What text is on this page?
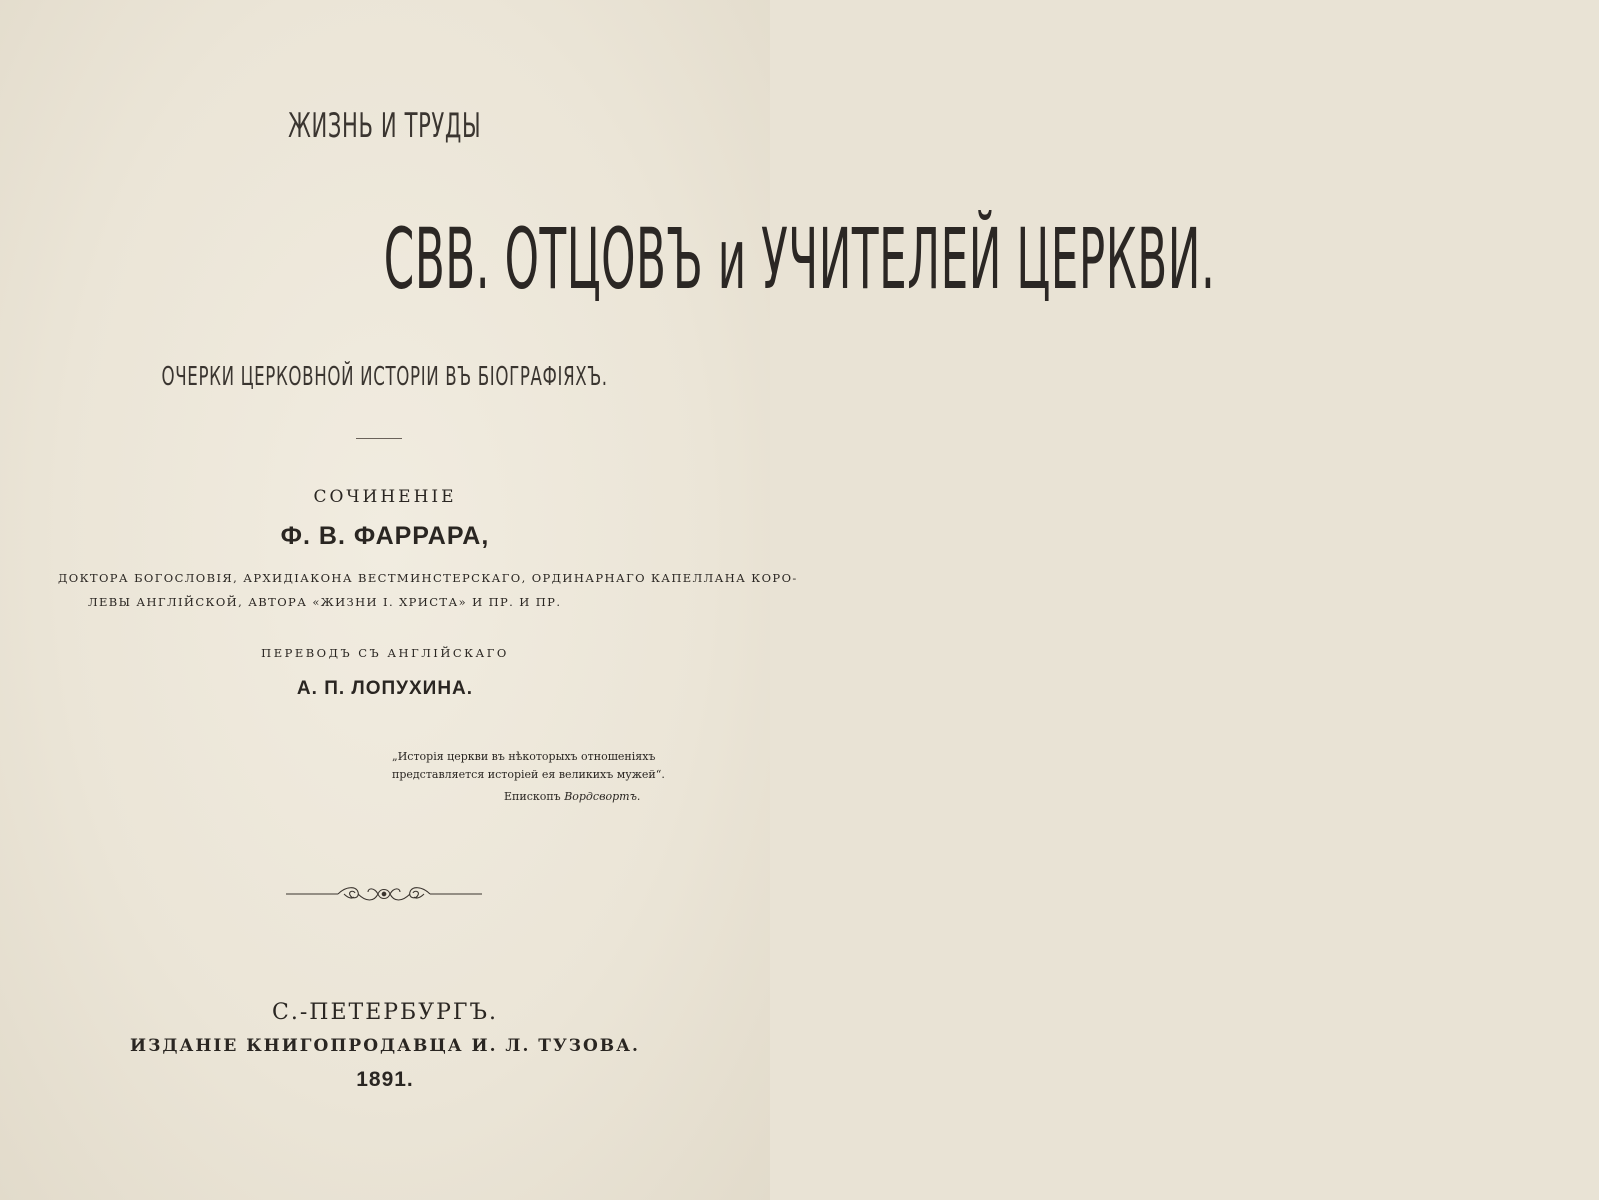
ЖИЗНЬ И ТРУДЫ
СВВ. ОТЦОВЪ и УЧИТЕЛЕЙ ЦЕРКВИ.
ОЧЕРКИ ЦЕРКОВНОЙ ИСТОРІИ ВЪ БІОГРАФІЯХЪ.
СОЧИНЕНІЕ
Ф. В. ФАРРАРА,
ДОКТОРА БОГОСЛОВІЯ, АРХИДІАКОНА ВЕСТМИНСТЕРСКАГО, ОРДИНАРНАГО КАПЕЛЛАНА КОРО-
ЛЕВЫ АНГЛІЙСКОЙ, АВТОРА «ЖИЗНИ І. ХРИСТА» И ПР. И ПР.
ПЕРЕВОДЪ СЪ АНГЛІЙСКАГО
А. П. ЛОПУХИНА.
„Исторія церкви въ нѣкоторыхъ отношеніяхъ
представляется исторіей ея великихъ мужей“.
Епископъ Вордсвортъ.
С.-ПЕТЕРБУРГЪ.
ИЗДАНІЕ КНИГОПРОДАВЦА И. Л. ТУЗОВА.
1891.
